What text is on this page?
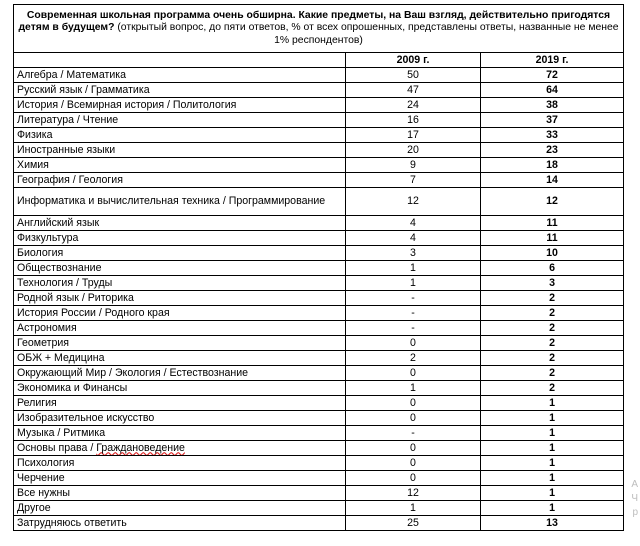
Современная школьная программа очень обширна. Какие предметы, на Ваш взгляд, действительно пригодятся детям в будущем? (открытый вопрос, до пяти ответов, % от всех опрошенных, представлены ответы, названные не менее 1% респондентов)		
	2009 г.	2019 г.
Алгебра / Математика	50	72
Русский язык / Грамматика	47	64
История / Всемирная история / Политология	24	38
Литература / Чтение	16	37
Физика	17	33
Иностранные языки	20	23
Химия	9	18
География / Геология	7	14
Информатика и вычислительная техника / Программирование	12	12
Английский язык	4	11
Физкультура	4	11
Биология	3	10
Обществознание	1	6
Технология / Труды	1	3
Родной язык / Риторика	-	2
История России / Родного края	-	2
Астрономия	-	2
Геометрия	0	2
ОБЖ + Медицина	2	2
Окружающий Мир / Экология / Естествознание	0	2
Экономика и Финансы	1	2
Религия	0	1
Изобразительное искусство	0	1
Музыка / Ритмика	-	1
Основы права / Граждановедение	0	1
Психология	0	1
Черчение	0	1
Все нужны	12	1
Другое	1	1
Затрудняюсь ответить	25	13
А
Ч
р
